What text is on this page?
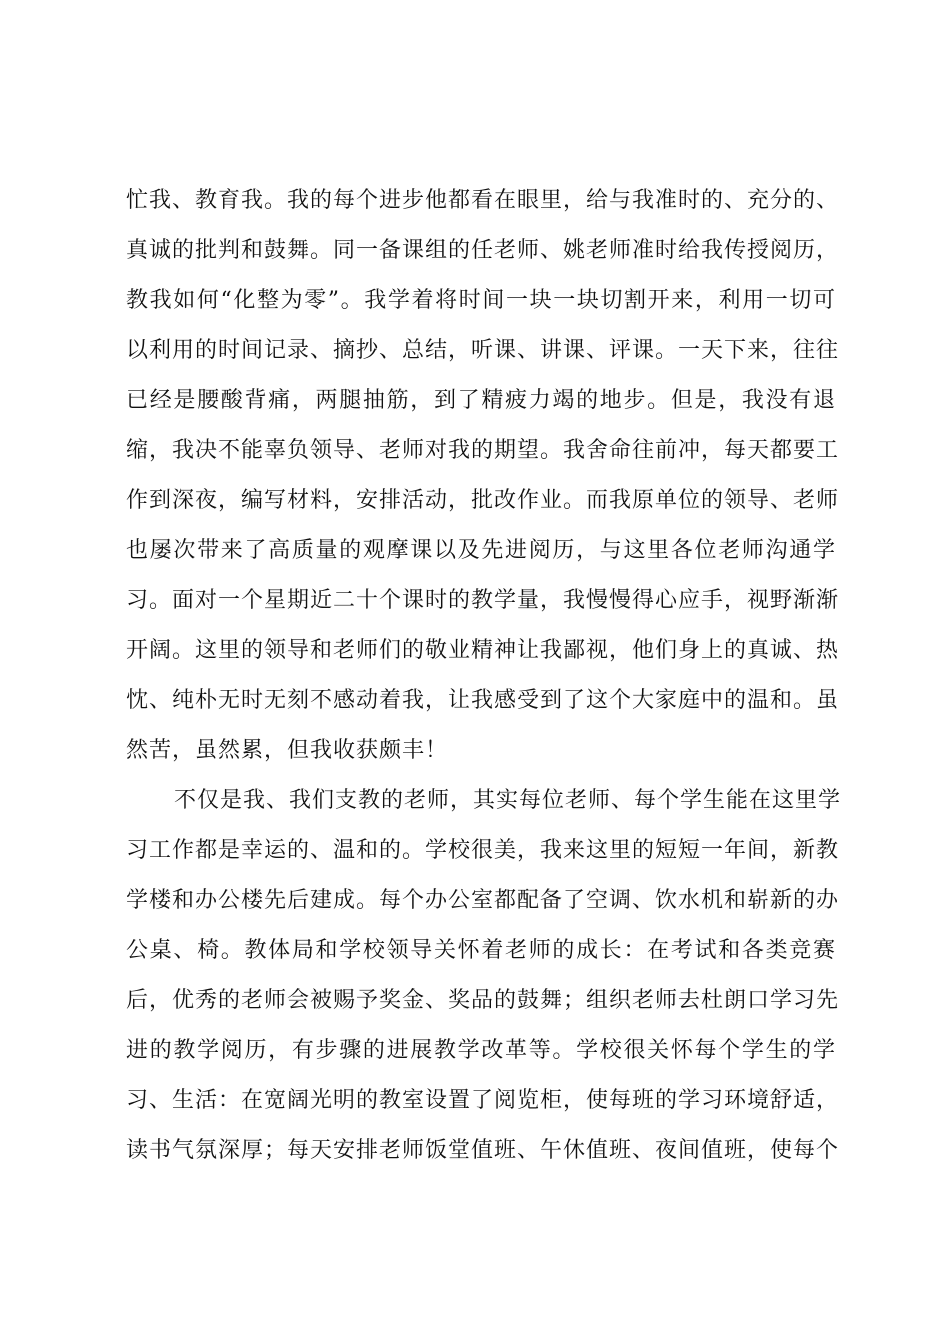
忙我、教育我。我的每个进步他都看在眼里，给与我准时的、充分的、
真诚的批判和鼓舞。同一备课组的任老师、姚老师准时给我传授阅历，
教我如何“化整为零”。我学着将时间一块一块切割开来，利用一切可
以利用的时间记录、摘抄、总结，听课、讲课、评课。一天下来，往往
已经是腰酸背痛，两腿抽筋，到了精疲力竭的地步。但是，我没有退
缩，我决不能辜负领导、老师对我的期望。我舍命往前冲，每天都要工
作到深夜，编写材料，安排活动，批改作业。而我原单位的领导、老师
也屡次带来了高质量的观摩课以及先进阅历，与这里各位老师沟通学
习。面对一个星期近二十个课时的教学量，我慢慢得心应手，视野渐渐
开阔。这里的领导和老师们的敬业精神让我鄙视，他们身上的真诚、热
忱、纯朴无时无刻不感动着我，让我感受到了这个大家庭中的温和。虽
然苦，虽然累，但我收获颇丰！
不仅是我、我们支教的老师，其实每位老师、每个学生能在这里学
习工作都是幸运的、温和的。学校很美，我来这里的短短一年间，新教
学楼和办公楼先后建成。每个办公室都配备了空调、饮水机和崭新的办
公桌、椅。教体局和学校领导关怀着老师的成长：在考试和各类竞赛
后，优秀的老师会被赐予奖金、奖品的鼓舞；组织老师去杜朗口学习先
进的教学阅历，有步骤的进展教学改革等。学校很关怀每个学生的学
习、生活：在宽阔光明的教室设置了阅览柜，使每班的学习环境舒适，
读书气氛深厚；每天安排老师饭堂值班、午休值班、夜间值班，使每个
